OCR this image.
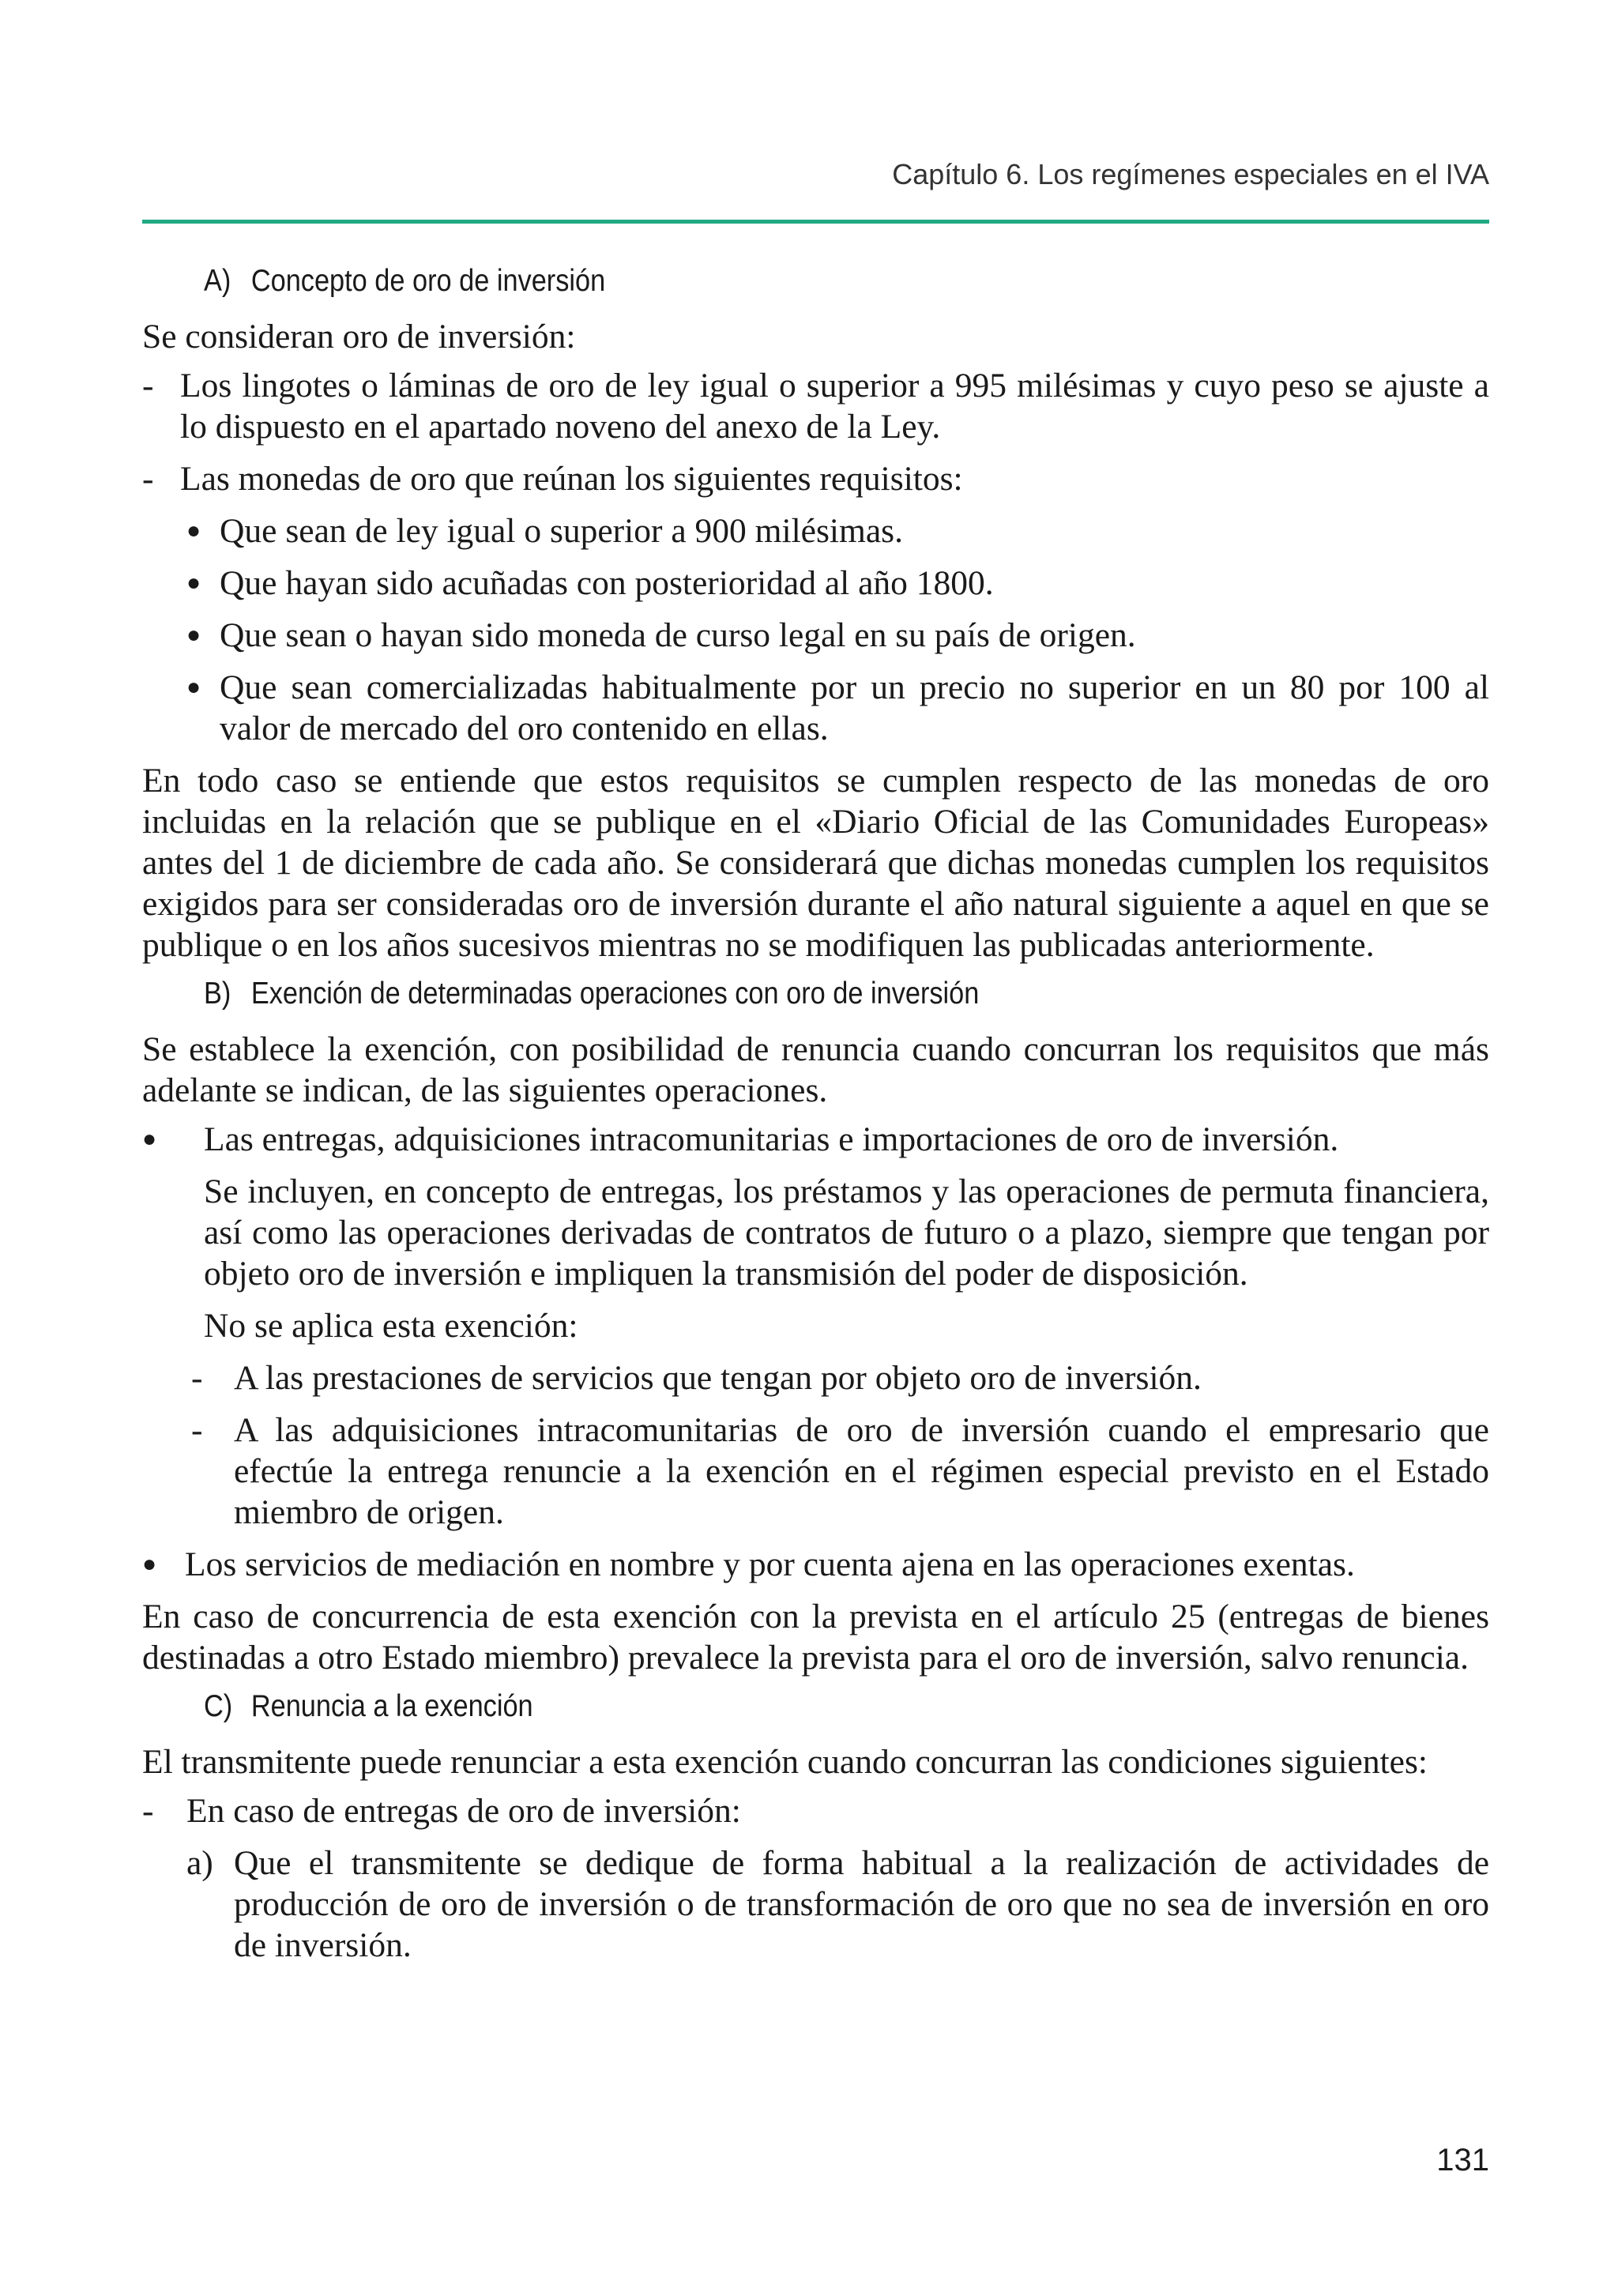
Capítulo 6. Los regímenes especiales en el IVA
A) Concepto de oro de inversión

Se consideran oro de inversión:

- Los lingotes o láminas de oro de ley igual o superior a 995 milésimas y cuyo peso se ajuste a lo dispuesto en el apartado noveno del anexo de la Ley.
- Las monedas de oro que reúnan los siguientes requisitos:
● Que sean de ley igual o superior a 900 milésimas.
● Que hayan sido acuñadas con posterioridad al año 1800.
● Que sean o hayan sido moneda de curso legal en su país de origen.
● Que sean comercializadas habitualmente por un precio no superior en un 80 por 100 al valor de mercado del oro contenido en ellas.

En todo caso se entiende que estos requisitos se cumplen respecto de las monedas de oro incluidas en la relación que se publique en el «Diario Oficial de las Comunidades Europeas» antes del 1 de diciembre de cada año. Se considerará que dichas monedas cumplen los requisitos exigidos para ser consideradas oro de inversión durante el año natural siguiente a aquel en que se publique o en los años sucesivos mientras no se modifiquen las publicadas anteriormente.

B) Exención de determinadas operaciones con oro de inversión

Se establece la exención, con posibilidad de renuncia cuando concurran los requisitos que más adelante se indican, de las siguientes operaciones.

● Las entregas, adquisiciones intracomunitarias e importaciones de oro de inversión.
Se incluyen, en concepto de entregas, los préstamos y las operaciones de permuta financiera, así como las operaciones derivadas de contratos de futuro o a plazo, siempre que tengan por objeto oro de inversión e impliquen la transmisión del poder de disposición.
No se aplica esta exención:
- A las prestaciones de servicios que tengan por objeto oro de inversión.
- A las adquisiciones intracomunitarias de oro de inversión cuando el empresario que efectúe la entrega renuncie a la exención en el régimen especial previsto en el Estado miembro de origen.
● Los servicios de mediación en nombre y por cuenta ajena en las operaciones exentas.

En caso de concurrencia de esta exención con la prevista en el artículo 25 (entregas de bienes destinadas a otro Estado miembro) prevalece la prevista para el oro de inversión, salvo renuncia.

C) Renuncia a la exención

El transmitente puede renunciar a esta exención cuando concurran las condiciones siguientes:

- En caso de entregas de oro de inversión:
a) Que el transmitente se dedique de forma habitual a la realización de actividades de producción de oro de inversión o de transformación de oro que no sea de inversión en oro de inversión.
131
